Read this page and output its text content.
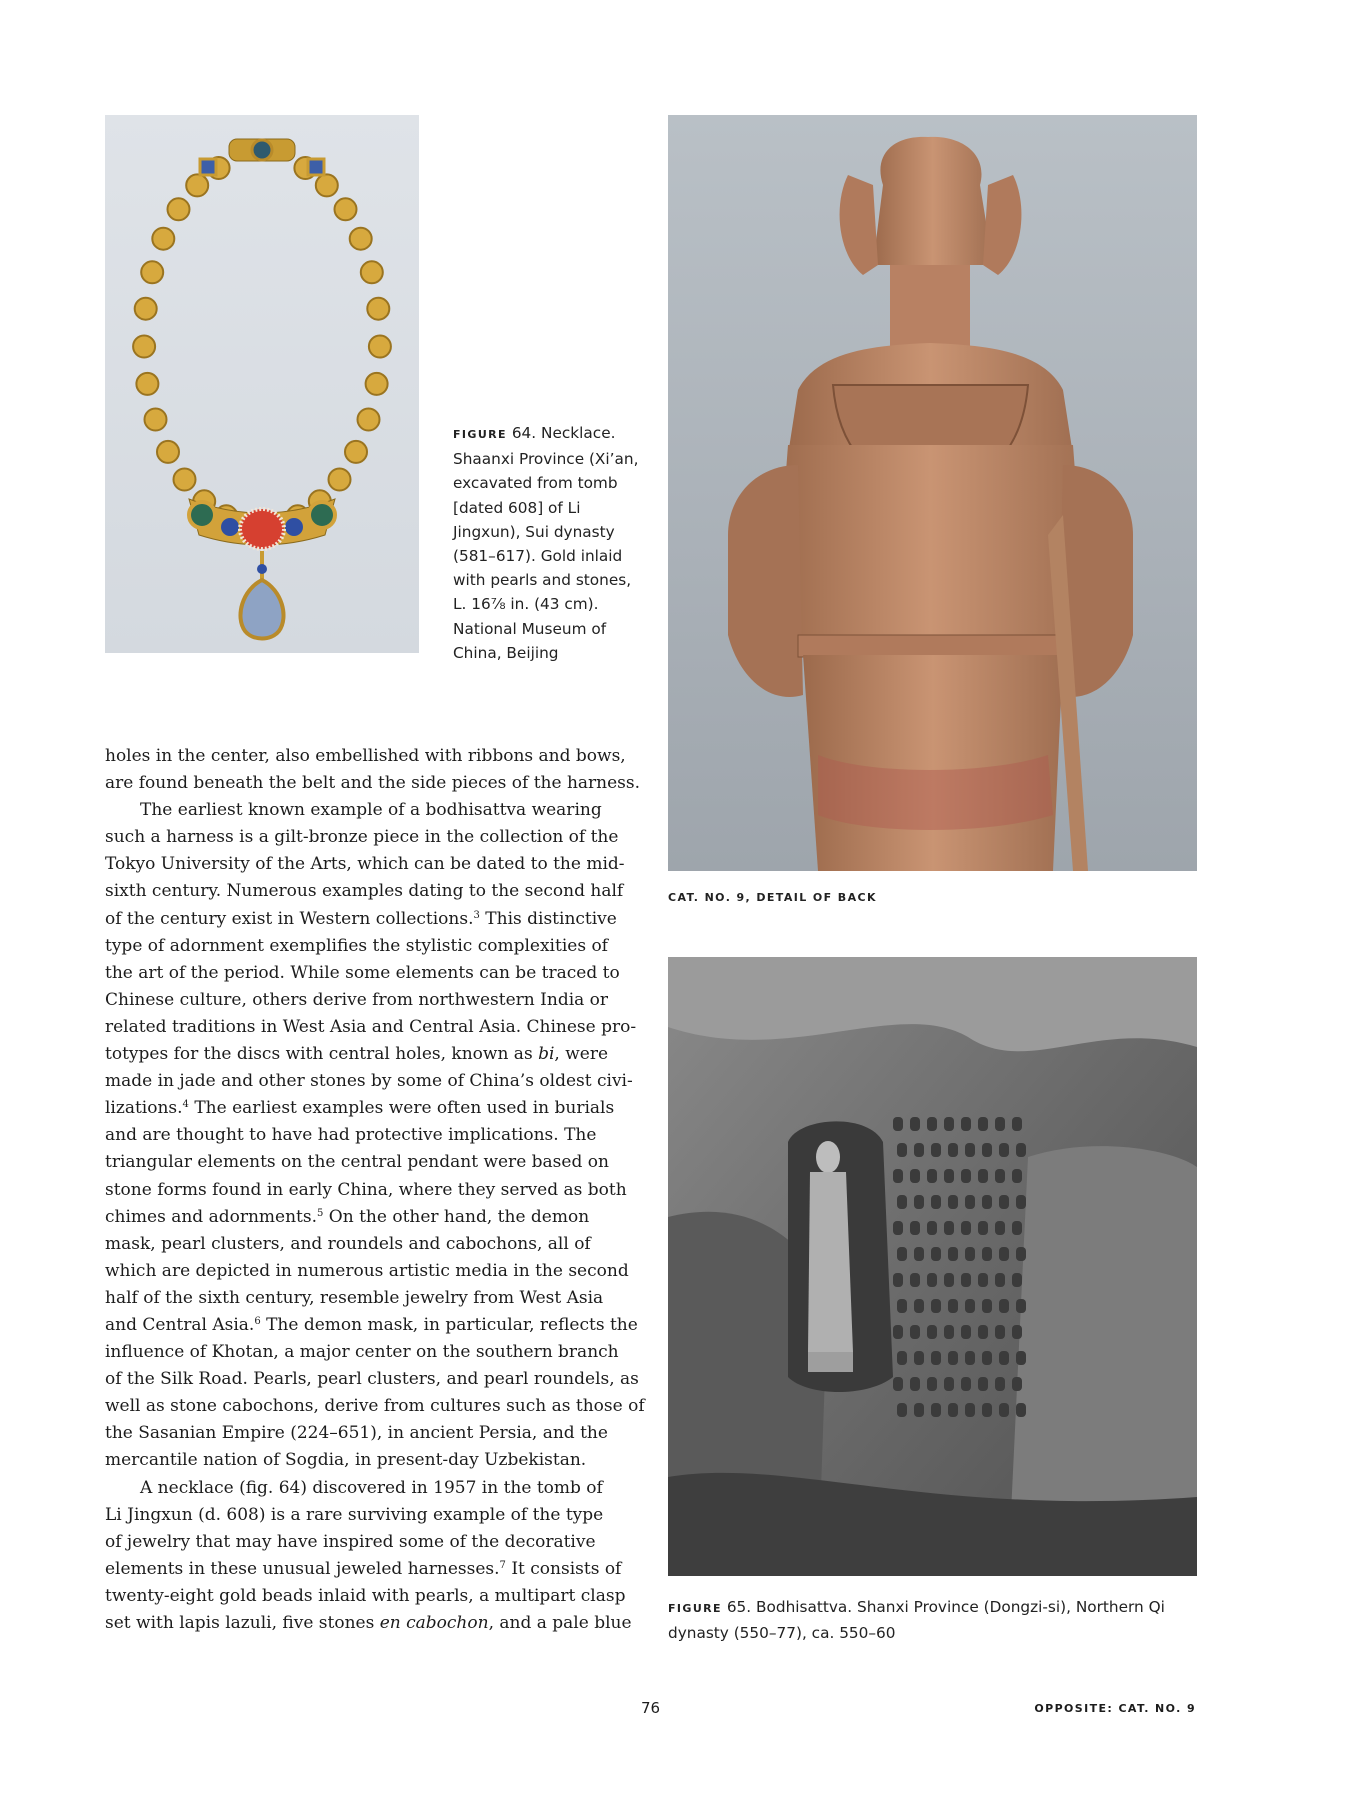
FIGURE 64. Necklace.
Shaanxi Province (Xi’an,
excavated from tomb
[dated 608] of Li
Jingxun), Sui dynasty
(581–617). Gold inlaid
with pearls and stones,
L. 16⅞ in. (43 cm).
National Museum of
China, Beijing
CAT. NO. 9, DETAIL OF BACK
FIGURE 65. Bodhisattva. Shanxi Province (Dongzi-si), Northern Qi
dynasty (550–77), ca. 550–60
holes in the center, also embellished with ribbons and bows,
are found beneath the belt and the side pieces of the harness.
The earliest known example of a bodhisattva wearing
such a harness is a gilt-bronze piece in the collection of the
Tokyo University of the Arts, which can be dated to the mid-
sixth century. Numerous examples dating to the second half
of the century exist in Western collections.$^3$ This distinctive
type of adornment exemplifies the stylistic complexities of
the art of the period. While some elements can be traced to
Chinese culture, others derive from northwestern India or
related traditions in West Asia and Central Asia. Chinese pro-
totypes for the discs with central holes, known as bi, were
made in jade and other stones by some of China’s oldest civi-
lizations.$^4$ The earliest examples were often used in burials
and are thought to have had protective implications. The
triangular elements on the central pendant were based on
stone forms found in early China, where they served as both
chimes and adornments.$^5$ On the other hand, the demon
mask, pearl clusters, and roundels and cabochons, all of
which are depicted in numerous artistic media in the second
half of the sixth century, resemble jewelry from West Asia
and Central Asia.$^6$ The demon mask, in particular, reflects the
influence of Khotan, a major center on the southern branch
of the Silk Road. Pearls, pearl clusters, and pearl roundels, as
well as stone cabochons, derive from cultures such as those of
the Sasanian Empire (224–651), in ancient Persia, and the
mercantile nation of Sogdia, in present-day Uzbekistan.
A necklace (fig. 64) discovered in 1957 in the tomb of
Li Jingxun (d. 608) is a rare surviving example of the type
of jewelry that may have inspired some of the decorative
elements in these unusual jeweled harnesses.$^7$ It consists of
twenty-eight gold beads inlaid with pearls, a multipart clasp
set with lapis lazuli, five stones en cabochon, and a pale blue
76	OPPOSITE: CAT. NO. 9
